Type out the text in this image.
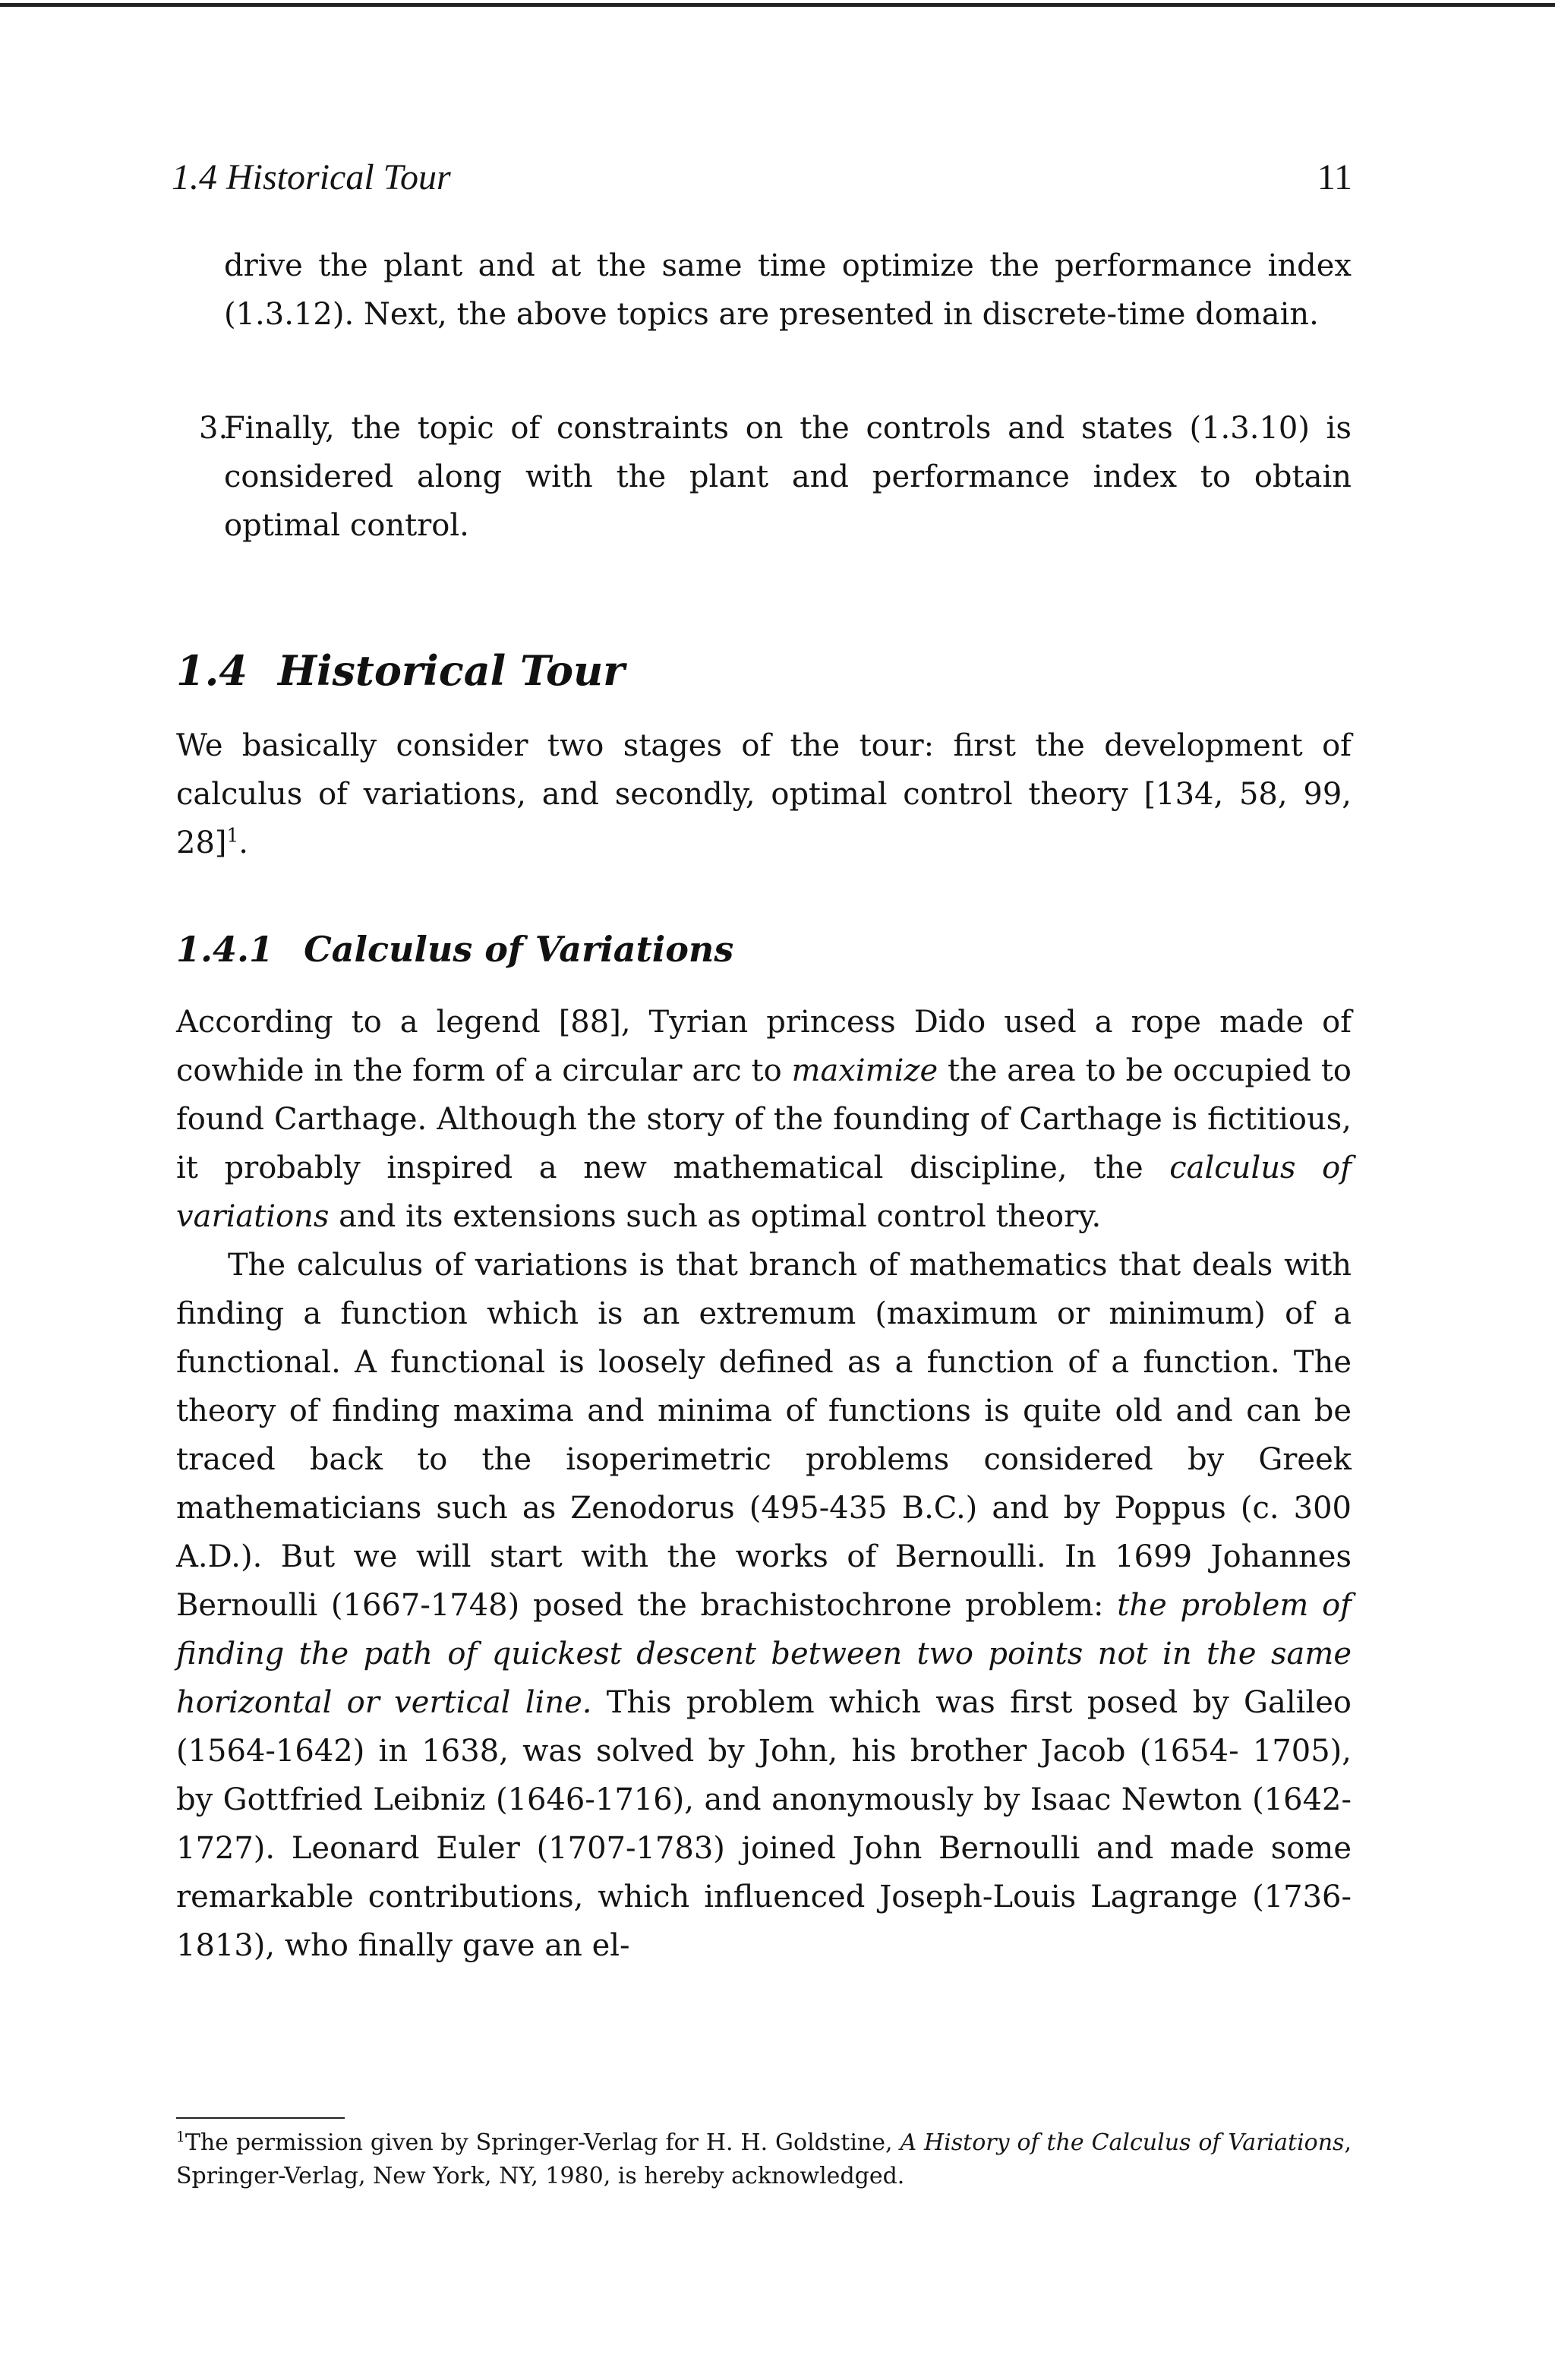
1.4 Historical Tour	11

drive the plant and at the same time optimize the performance index (1.3.12). Next, the above topics are presented in discrete-time domain.

3.

Finally, the topic of constraints on the controls and states (1.3.10) is considered along with the plant and performance index to obtain optimal control.

1.4 Historical Tour

We basically consider two stages of the tour: first the development of calculus of variations, and secondly, optimal control theory [134, 58, 99, 28]$^1$.

1.4.1 Calculus of Variations

According to a legend [88], Tyrian princess Dido used a rope made of cowhide in the form of a circular arc to maximize the area to be occupied to found Carthage. Although the story of the founding of Carthage is fictitious, it probably inspired a new mathematical discipline, the calculus of variations and its extensions such as optimal control theory.

The calculus of variations is that branch of mathematics that deals with finding a function which is an extremum (maximum or minimum) of a functional. A functional is loosely defined as a function of a function. The theory of finding maxima and minima of functions is quite old and can be traced back to the isoperimetric problems considered by Greek mathematicians such as Zenodorus (495-435 B.C.) and by Poppus (c. 300 A.D.). But we will start with the works of Bernoulli. In 1699 Johannes Bernoulli (1667-1748) posed the brachistochrone problem: the problem of finding the path of quickest descent between two points not in the same horizontal or vertical line. This problem which was first posed by Galileo (1564-1642) in 1638, was solved by John, his brother Jacob (1654- 1705), by Gottfried Leibniz (1646-1716), and anonymously by Isaac Newton (1642-1727). Leonard Euler (1707-1783) joined John Bernoulli and made some remarkable contributions, which influenced Joseph-Louis Lagrange (1736-1813), who finally gave an el-

$^1$The permission given by Springer-Verlag for H. H. Goldstine, A History of the Calculus of Variations, Springer-Verlag, New York, NY, 1980, is hereby acknowledged.
